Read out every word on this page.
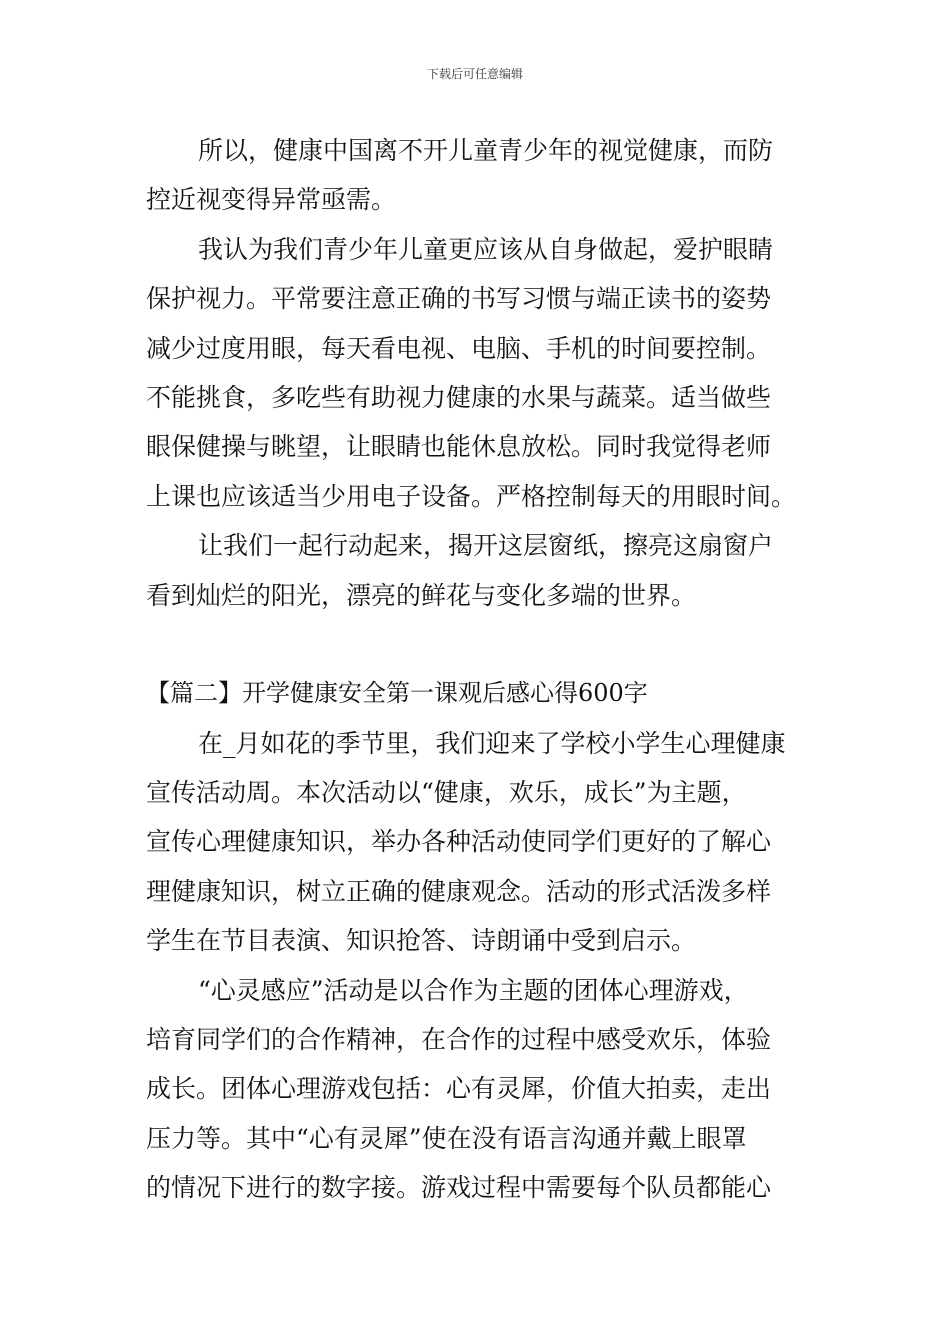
下载后可任意编辑
所以，健康中国离不开儿童青少年的视觉健康，而防
控近视变得异常亟需。
我认为我们青少年儿童更应该从自身做起，爱护眼睛
保护视力。平常要注意正确的书写习惯与端正读书的姿势
减少过度用眼，每天看电视、电脑、手机的时间要控制。
不能挑食，多吃些有助视力健康的水果与蔬菜。适当做些
眼保健操与眺望，让眼睛也能休息放松。同时我觉得老师
上课也应该适当少用电子设备。严格控制每天的用眼时间。
让我们一起行动起来，揭开这层窗纸，擦亮这扇窗户
看到灿烂的阳光，漂亮的鲜花与变化多端的世界。
【篇二】开学健康安全第一课观后感心得600字
在_月如花的季节里，我们迎来了学校小学生心理健康
宣传活动周。本次活动以“健康，欢乐，成长”为主题，
宣传心理健康知识，举办各种活动使同学们更好的了解心
理健康知识，树立正确的健康观念。活动的形式活泼多样
学生在节目表演、知识抢答、诗朗诵中受到启示。
“心灵感应”活动是以合作为主题的团体心理游戏，
培育同学们的合作精神，在合作的过程中感受欢乐，体验
成长。团体心理游戏包括：心有灵犀，价值大拍卖，走出
压力等。其中“心有灵犀”使在没有语言沟通并戴上眼罩
的情况下进行的数字接。游戏过程中需要每个队员都能心
